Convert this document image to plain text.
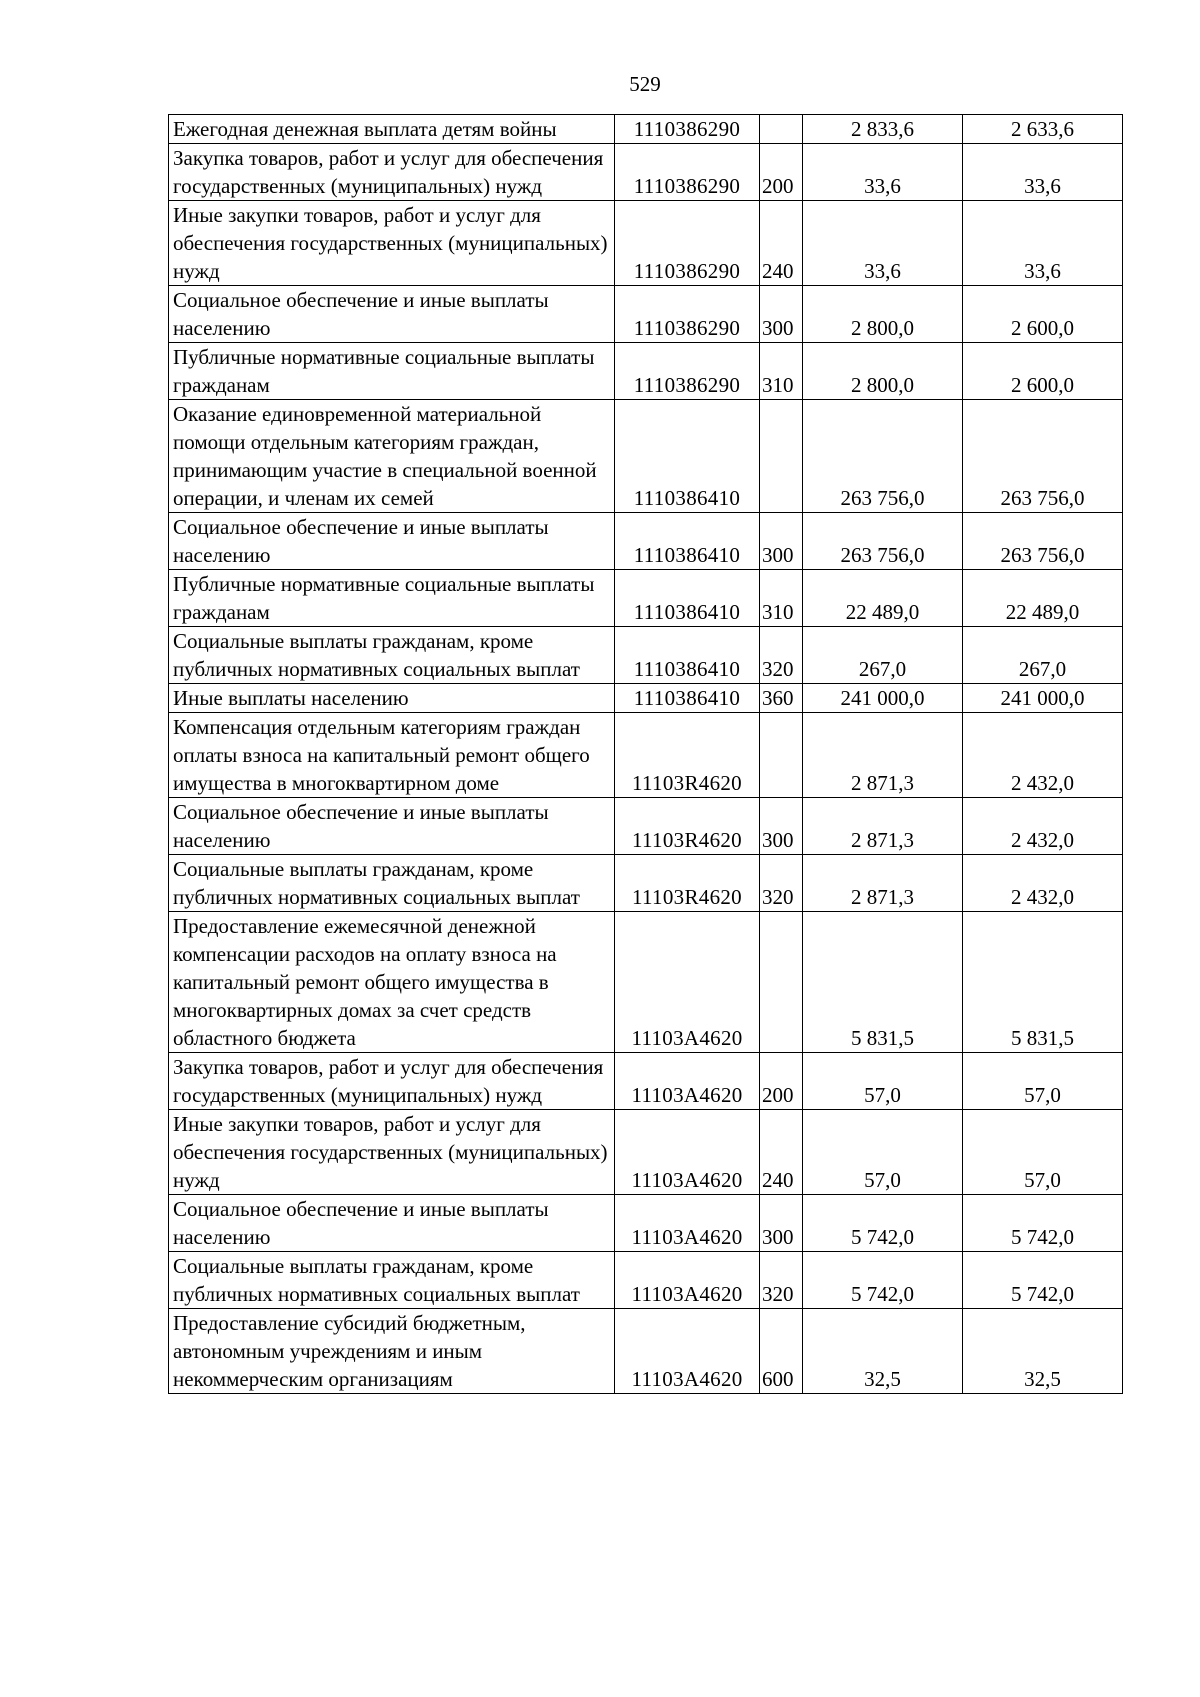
529
Ежегодная денежная выплата детям войны	1110386290		2 833,6	2 633,6
Закупка товаров, работ и услуг для обеспечения государственных (муниципальных) нужд	1110386290	200	33,6	33,6
Иные закупки товаров, работ и услуг для обеспечения государственных (муниципальных) нужд	1110386290	240	33,6	33,6
Социальное обеспечение и иные выплаты населению	1110386290	300	2 800,0	2 600,0
Публичные нормативные социальные выплаты гражданам	1110386290	310	2 800,0	2 600,0
Оказание единовременной материальной помощи отдельным категориям граждан, принимающим участие в специальной военной операции, и членам их семей	1110386410		263 756,0	263 756,0
Социальное обеспечение и иные выплаты населению	1110386410	300	263 756,0	263 756,0
Публичные нормативные социальные выплаты гражданам	1110386410	310	22 489,0	22 489,0
Социальные выплаты гражданам, кроме публичных нормативных социальных выплат	1110386410	320	267,0	267,0
Иные выплаты населению	1110386410	360	241 000,0	241 000,0
Компенсация отдельным категориям граждан оплаты взноса на капитальный ремонт общего имущества в многоквартирном доме	11103R4620		2 871,3	2 432,0
Социальное обеспечение и иные выплаты населению	11103R4620	300	2 871,3	2 432,0
Социальные выплаты гражданам, кроме публичных нормативных социальных выплат	11103R4620	320	2 871,3	2 432,0
Предоставление ежемесячной денежной компенсации расходов на оплату взноса на капитальный ремонт общего имущества в многоквартирных домах за счет средств областного бюджета	11103A4620		5 831,5	5 831,5
Закупка товаров, работ и услуг для обеспечения государственных (муниципальных) нужд	11103A4620	200	57,0	57,0
Иные закупки товаров, работ и услуг для обеспечения государственных (муниципальных) нужд	11103A4620	240	57,0	57,0
Социальное обеспечение и иные выплаты населению	11103A4620	300	5 742,0	5 742,0
Социальные выплаты гражданам, кроме публичных нормативных социальных выплат	11103A4620	320	5 742,0	5 742,0
Предоставление субсидий бюджетным, автономным учреждениям и иным некоммерческим организациям	11103A4620	600	32,5	32,5
